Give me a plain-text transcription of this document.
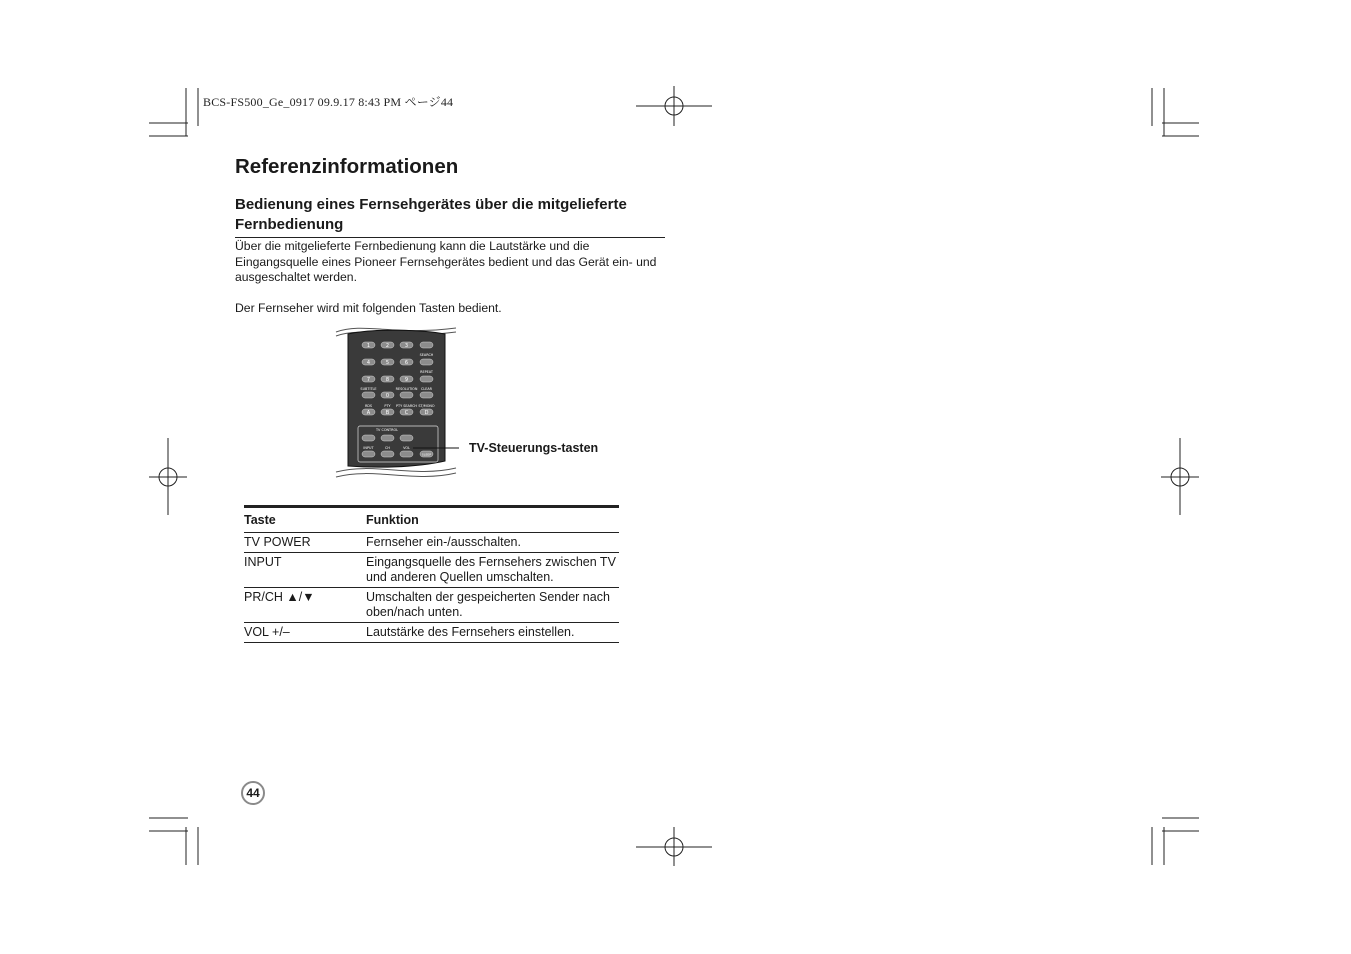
BCS-FS500_Ge_0917 09.9.17 8:43 PM ページ44
Referenzinformationen
Bedienung eines Fernsehgerätes über die mitgelieferte Fernbedienung

Über die mitgelieferte Fernbedienung kann die Lautstärke und die Eingangsquelle eines Pioneer Fernsehgerätes bedient und das Gerät ein- und ausgeschaltet werden.

Der Fernseher wird mit folgenden Tasten bedient.

1	2	3
4	5	6
7	8	9
0
A	B	C	D
SEARCH
REPEAT
SUBTITLE	RESOLUTION CLEAR
RDS	PTY PTY SEARCH ST/MONO
TV CONTROL
INPUT	CH	VOL
SLEEP	TV-Steuerungs-tasten
Taste	Funktion
TV POWER	Fernseher ein-/ausschalten.
INPUT	Eingangsquelle des Fernsehers zwischen TV und anderen Quellen umschalten.
PR/CH ▲/▼	Umschalten der gespeicherten Sender nach oben/nach unten.
VOL +/–	Lautstärke des Fernsehers einstellen.
44
